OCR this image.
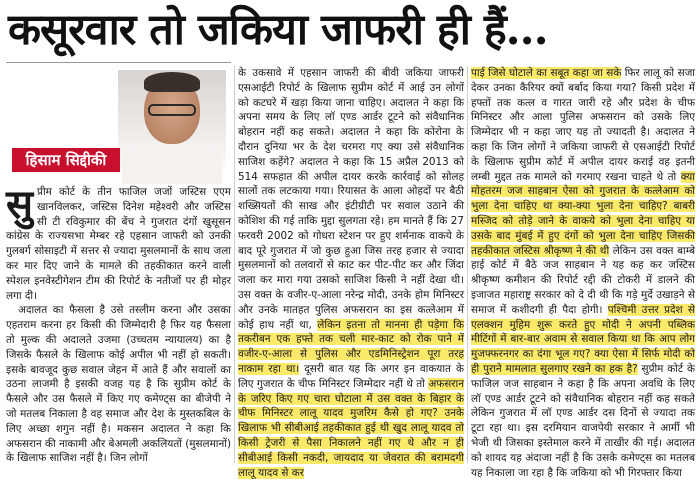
कसूरवार तो जकिया जाफरी ही हैं...
हिसाम सिद्दीकी

सुप्रीम कोर्ट के तीन फाजिल जजों जस्टिस एएम खानविलकर, जस्टिस दिनेश महेश्वरी और जस्टिस सी टी रविकुमार की बेंच ने गुजरात दंगों खुसूसन कांग्रेस के राज्यसभा मेम्बर रहे एहसान जाफरी को उनकी गुलबर्ग सोसाइटी में सत्तर से ज्यादा मुसलमानों के साथ जला कर मार दिए जाने के मामले की तहकीकात करने वाली स्पेशल इनवेस्टीगेशन टीम की रिपोर्ट के नतीजों पर ही मोहर लगा दी।

अदालत का फैसला है उसे तस्लीम करना और उसका एहतराम करना हर किसी की जिम्मेदारी है फिर यह फैसला तो मुल्क की अदालते उजमा (उच्चतम न्यायालय) का है जिसके फैसले के खिलाफ कोई अपील भी नहीं हो सकती। इसके बावजूद कुछ सवाल जेहन में आते हैं और सवालों का उठना लाजमी है इसकी वजह यह है कि सुप्रीम कोर्ट के फैसले और उस फैसले में किए गए कमेण्ट्स का बीजेपी ने जो मतलब निकाला है वह समाज और देश के मुस्तकबिल के लिए अच्छा शगुन नहीं है। मकसन अदालत ने कहा कि अफसरान की नाकामी और बेअमली अकलियतों (मुसलमानों) के खिलाफ साजिश नहीं है। जिन लोगों

के उकसावे में एहसान जाफरी की बीवी जकिया जाफरी एसआईटी रिपोर्ट के खिलाफ सुप्रीम कोर्ट में आई उन लोगों को कटघरे में खड़ा किया जाना चाहिए। अदालत ने कहा कि अपना समय के लिए लॉ एण्ड आर्डर टूटने को संवैधानिक बोहरान नहीं कह सकते। अदालत ने कहा कि कोरोना के दौरान दुनिया भर के देश चरमरा गए क्या उसे संवैधानिक साजिश कहेंगे? अदालत ने कहा कि 15 अप्रैल 2013 को 514 सफहात की अपील दायर करके कार्रवाई को सोलह सालों तक लटकाया गया। रियासत के आला ओहदों पर बैठी शख्सियतों की साख और इंटीग्रीटी पर सवाल उठाने की कोशिश की गई ताकि मुद्दा सुलगता रहे। हम मानते हैं कि 27 फरवरी 2002 को गोधरा स्टेशन पर हुए शर्मनाक वाकये के बाद पूरे गुजरात में जो कुछ हुआ जिस तरह हजार से ज्यादा मुसलमानों को तलवारों से काट कर पीट-पीट कर और जिंदा जला कर मारा गया उसको साजिश किसी ने नहीं देखा थी। उस वक्त के वजीर-ए-आला नरेन्द्र मोदी, उनके होम मिनिस्टर और उनके मातहत पुलिस अफसरान का इस कत्लेआम में कोई हाथ नहीं था, लेकिन इतना तो मानना ही पड़ेगा कि तकरीबन एक हफ्ते तक चली मार-काट को रोक पाने में वजीर-ए-आला से पुलिस और एडमिनिस्ट्रेशन पूरा तरह नाकाम रहा था। दूसरी बात यह कि अगर इन वाकयात के लिए गुजरात के चीफ मिनिस्टर जिम्मेदार नहीं थे तो अफसरान के जरिए किए गए चारा घोटाला में उस वक्त के बिहार के चीफ मिनिस्टर लालू यादव मुजरिम कैसे हो गए? उनके खिलाफ भी सीबीआई तहकीकात हुई थी खुद लालू यादव तो किसी ट्रेजरी से पैसा निकालने नहीं गए थे और न ही सीबीआई किसी नकदी, जायदाद या जेवरात की बरामदगी लालू यादव से कर

पाई जिसे घोटाले का सबूत कहा जा सके फिर लालू को सजा देकर उनका कैरियर क्यों बर्बाद किया गया? किसी प्रदेश में हफ्तों तक कत्ल व गारत जारी रहे और प्रदेश के चीफ मिनिस्टर और आला पुलिस अफसरान को उसके लिए जिम्मेदार भी न कहा जाए यह तो ज्यादती है। अदालत ने कहा कि जिन लोगों ने जकिया जाफरी से एसआईटी रिपोर्ट के खिलाफ सुप्रीम कोर्ट में अपील दायर कराई वह इतनी लम्बी मुद्दत तक मामले को गरमाए रखना चाहते थे तो क्या मोहतरम जज साहबान ऐसा को गुजरात के कत्लेआम को भुला देना चाहिए था क्या-क्या भुला देना चाहिए? बाबरी मस्जिद को तोड़े जाने के वाकये को भुला देना चाहिए या उसके बाद मुंबई में हुए दंगों को भुला देना चाहिए जिसकी तहकीकात जस्टिस श्रीकृष्ण ने की थी लेकिन उस वक्त बाम्बे हाई कोर्ट में बैठे जज साहबान ने यह कह कर जस्टिस श्रीकृष्ण कमीशन की रिपोर्ट रद्दी की टोकरी में डालने की इजाजत महाराष्ट्र सरकार को दे दी थी कि गड़े मुर्दे उखाड़ने से समाज में कशीदगी ही पैदा होगी। पश्चिमी उत्तर प्रदेश से एलक्शन मुहिम शुरू करते हुए मोदी ने अपनी पब्लिक मीटिंगों में बार-बार अवाम से सवाल किया था कि आप लोग मुजफ्फरनगर का दंगा भूल गए? क्या ऐसा में सिर्फ मोदी को ही पुराने मामलात सुलगाए रखने का हक है? सुप्रीम कोर्ट के फाजिल जज साहबान ने कहा है कि अपना अवधि के लिए लॉ एण्ड आर्डर टूटने को संवैधानिक बोहरान नहीं कह सकते लेकिन गुजरात में लॉ एण्ड आर्डर दस दिनों से ज्यादा तक टूटा रहा था। इस दरमियान वाजपेयी सरकार ने आर्मी भी भेजी थी जिसका इस्तेमाल करने में ताखीर की गई। अदालत को शायद यह अंदाजा नहीं है कि उसके कमेण्ट्स का मतलब यह निकाला जा रहा है कि जकिया को भी गिरफ्तार किया
